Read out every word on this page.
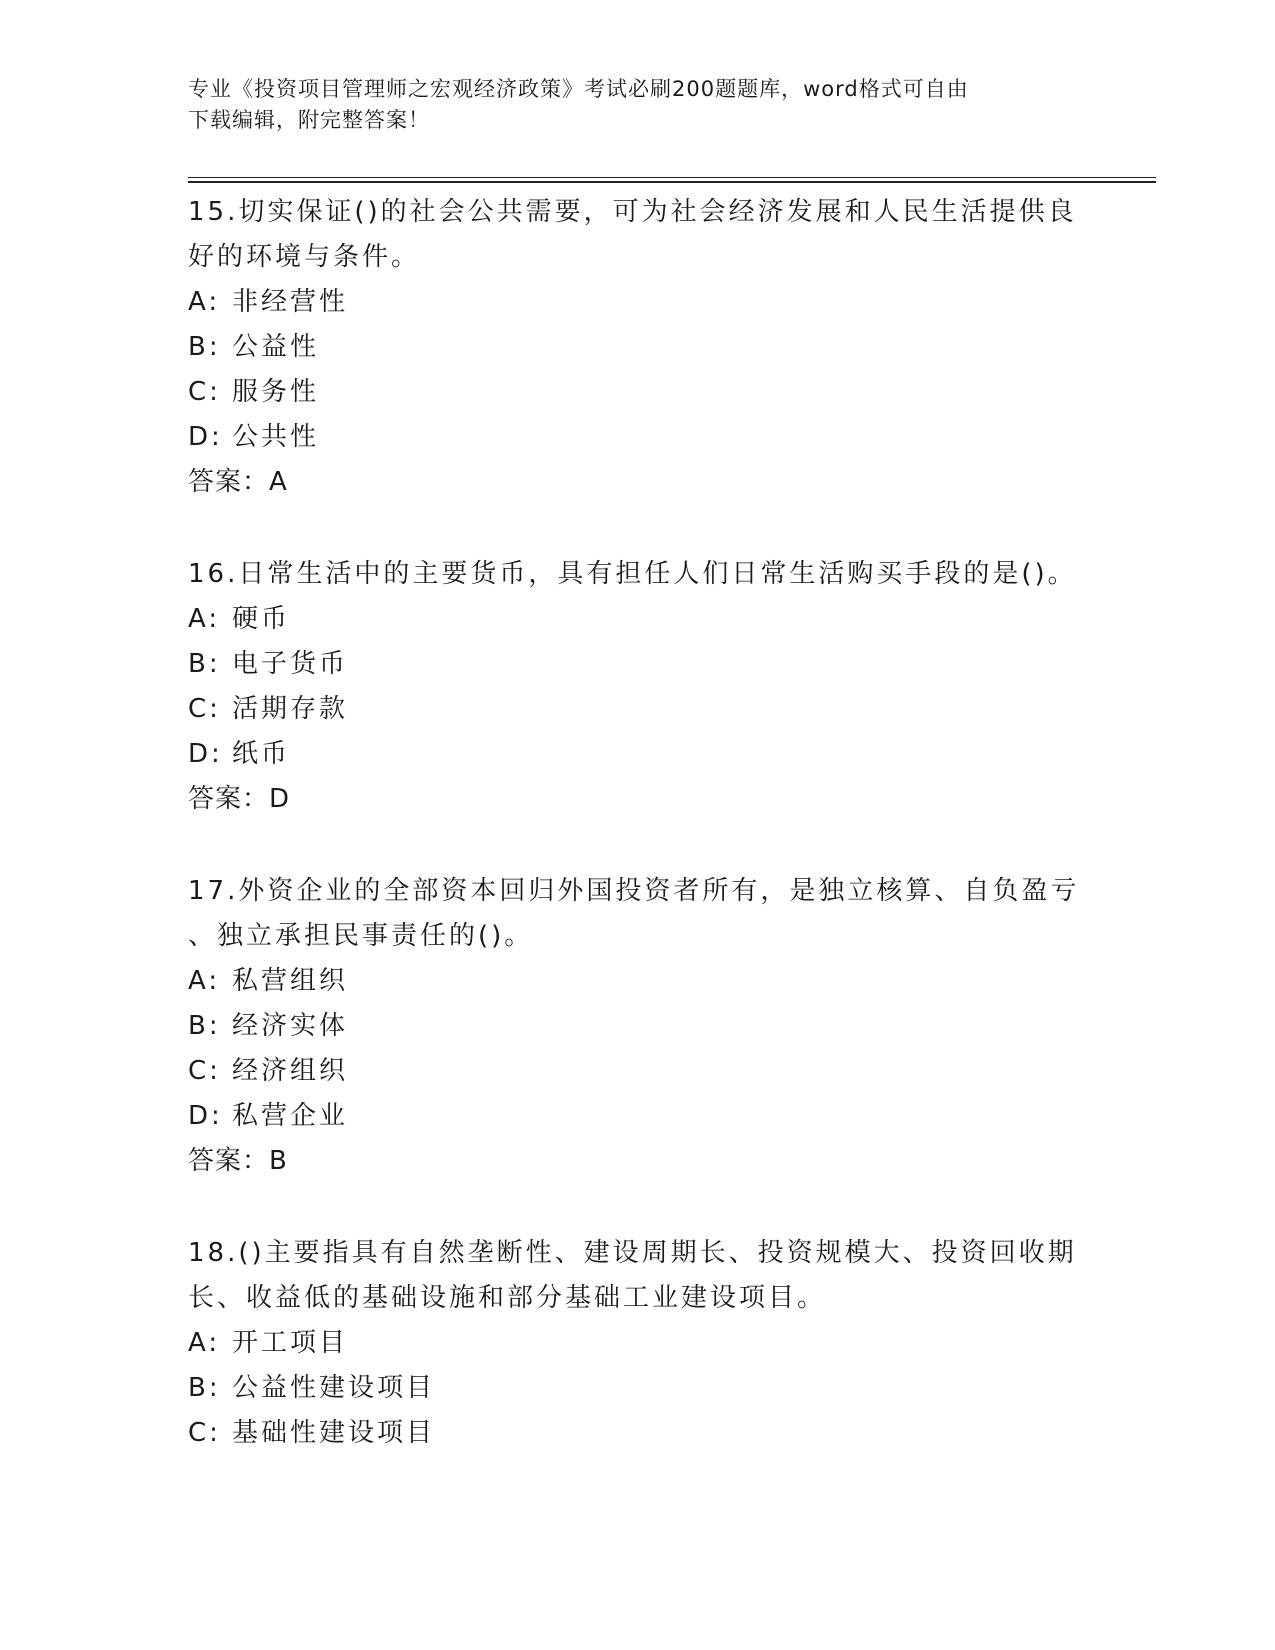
专业《投资项目管理师之宏观经济政策》考试必刷200题题库，word格式可自由
下载编辑，附完整答案！

15.切实保证()的社会公共需要，可为社会经济发展和人民生活提供良

好的环境与条件。

A: 非经营性

B: 公益性

C: 服务性

D: 公共性

答案：A

16.日常生活中的主要货币，具有担任人们日常生活购买手段的是()。

A: 硬币

B: 电子货币

C: 活期存款

D: 纸币

答案：D

17.外资企业的全部资本回归外国投资者所有，是独立核算、自负盈亏

、独立承担民事责任的()。

A: 私营组织

B: 经济实体

C: 经济组织

D: 私营企业

答案：B

18.()主要指具有自然垄断性、建设周期长、投资规模大、投资回收期

长、收益低的基础设施和部分基础工业建设项目。

A: 开工项目

B: 公益性建设项目

C: 基础性建设项目
